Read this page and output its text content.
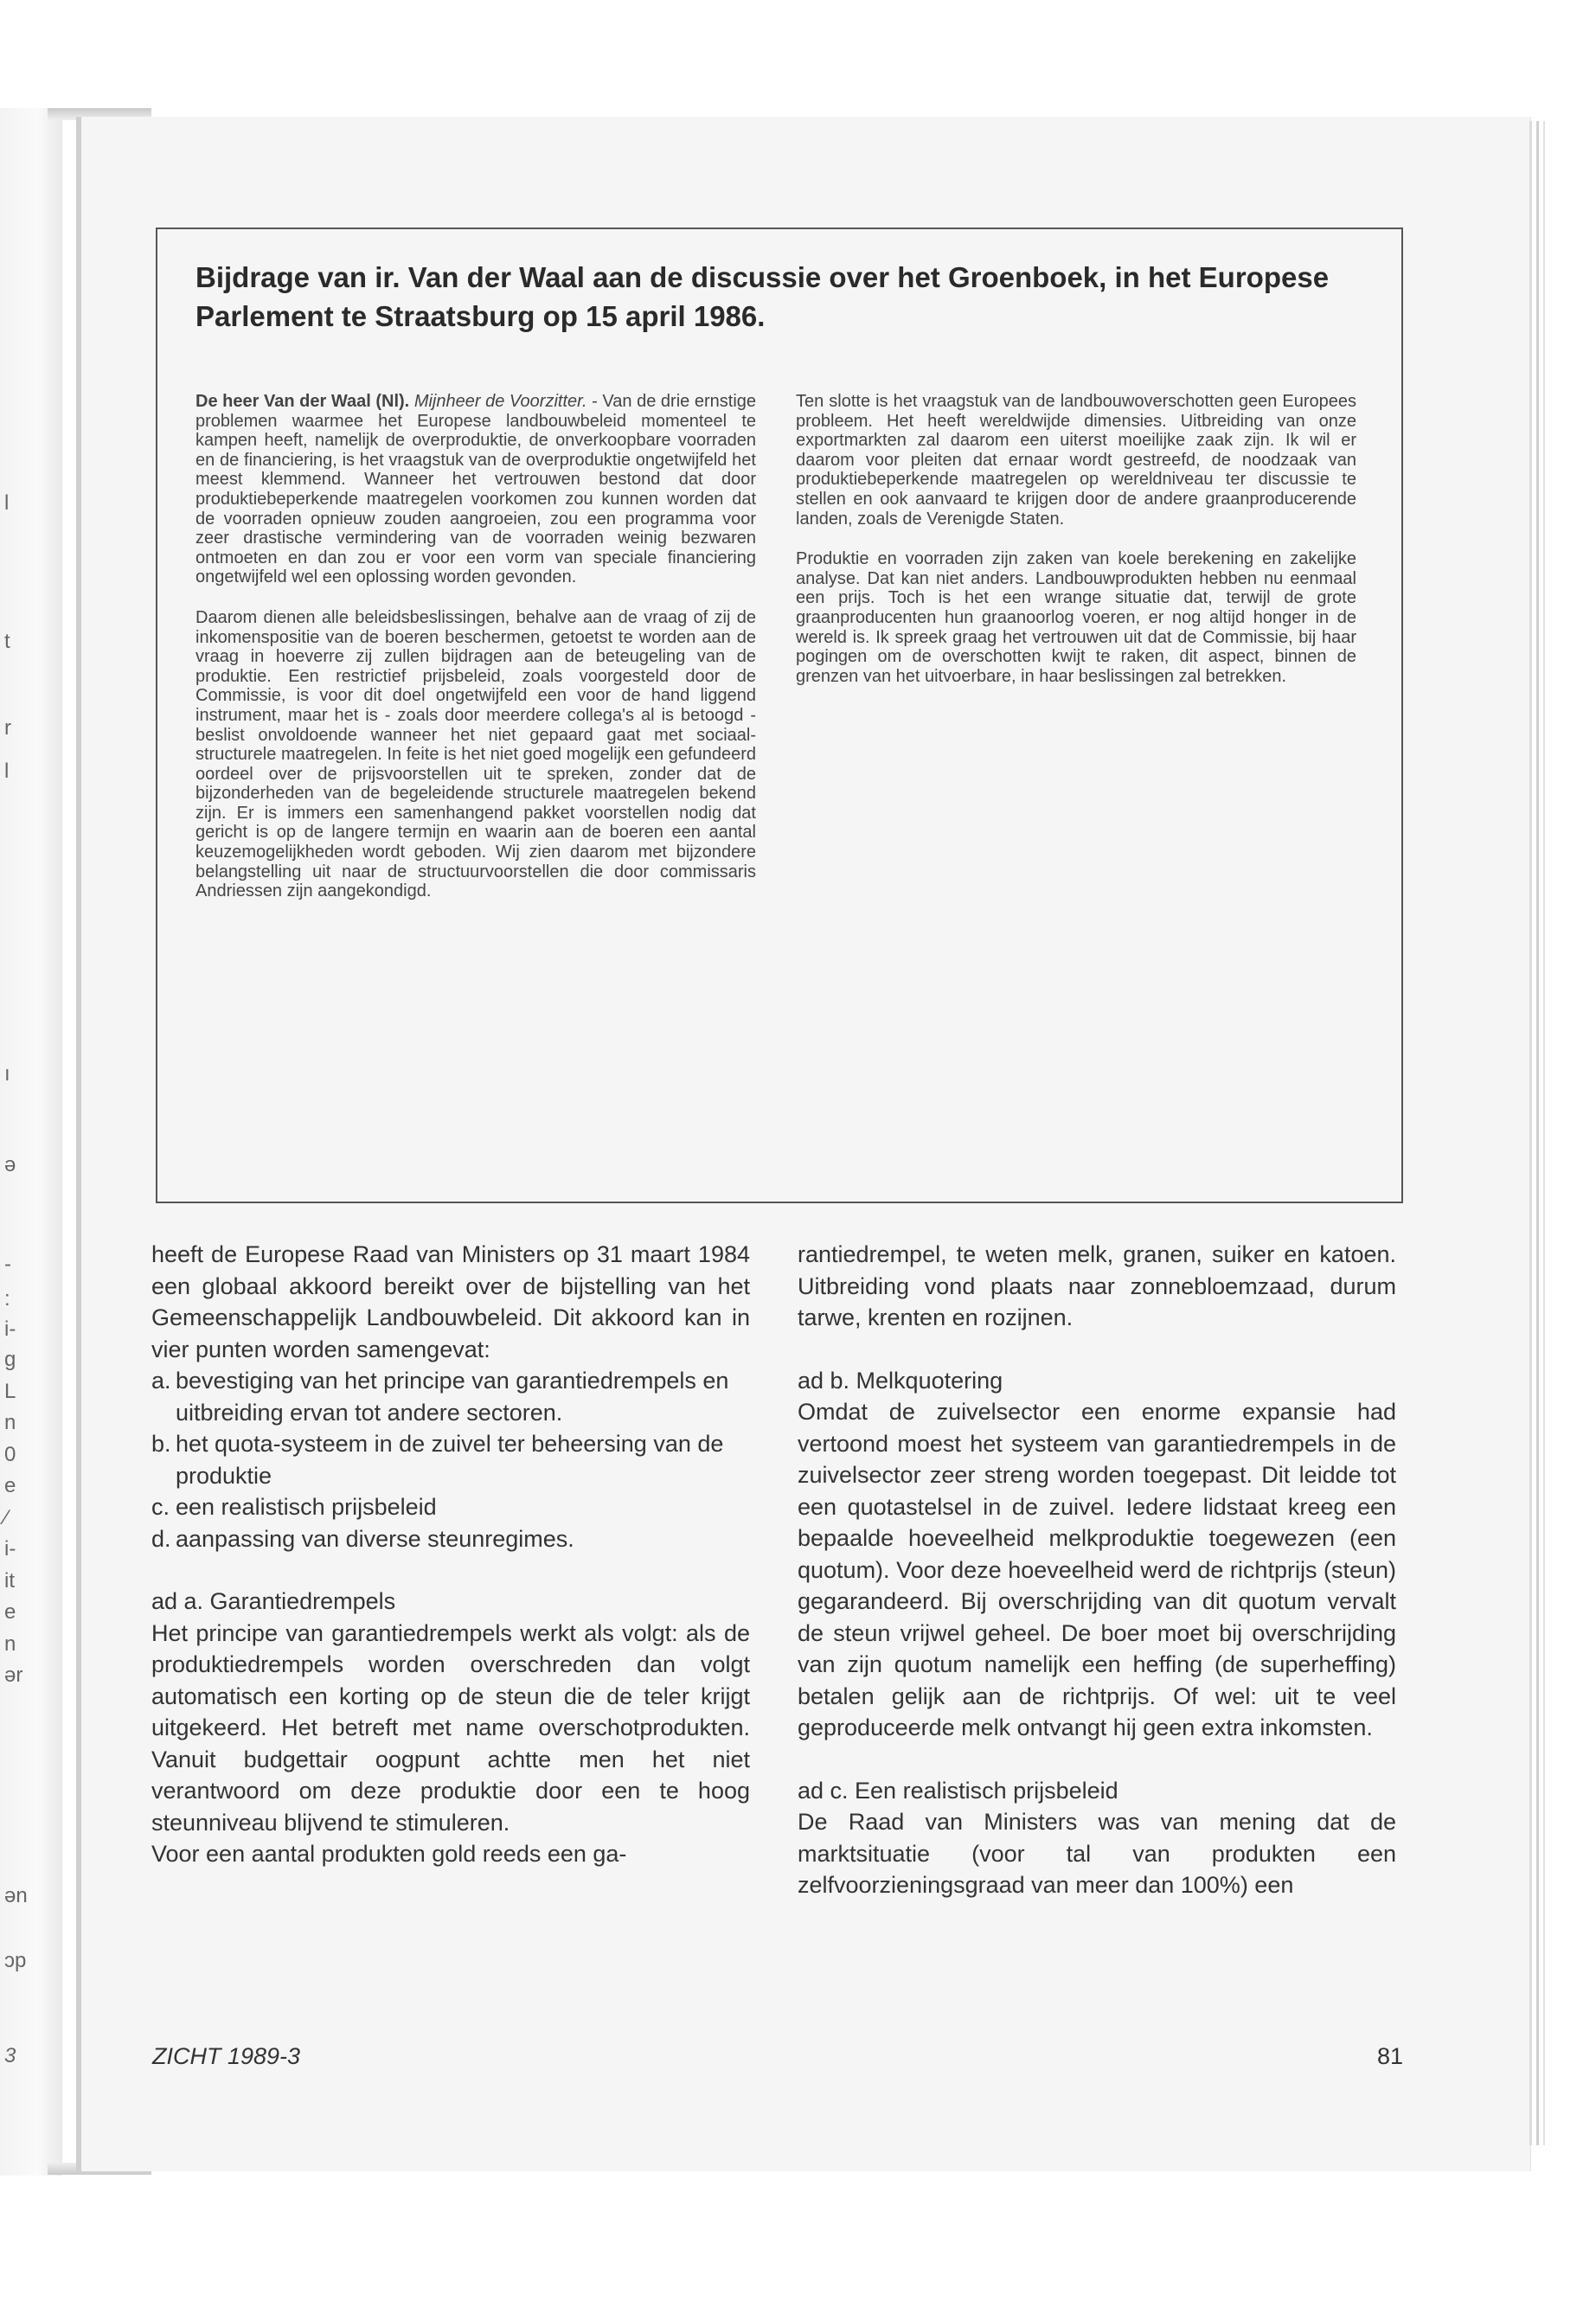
l
t
r
l
ı
ə
-
:
i-
g
L
n
0
e
⁄
i-
it
e
n
ər
ən
ɔp
3
Bijdrage van ir. Van der Waal aan de discussie over het Groenboek, in het Europese Parlement te Straatsburg op 15 april 1986.

De heer Van der Waal (Nl). Mijnheer de Voorzitter. - Van de drie ernstige problemen waarmee het Europese landbouwbeleid momenteel te kampen heeft, namelijk de overproduktie, de onverkoopbare voorraden en de financiering, is het vraagstuk van de overproduktie ongetwijfeld het meest klemmend. Wanneer het vertrouwen bestond dat door produktiebeperkende maatregelen voorkomen zou kunnen worden dat de voorraden opnieuw zouden aangroeien, zou een programma voor zeer drastische vermindering van de voorraden weinig bezwaren ontmoeten en dan zou er voor een vorm van speciale financiering ongetwijfeld wel een oplossing worden gevonden.

Daarom dienen alle beleidsbeslissingen, behalve aan de vraag of zij de inkomenspositie van de boeren beschermen, getoetst te worden aan de vraag in hoeverre zij zullen bijdragen aan de beteugeling van de produktie. Een restrictief prijsbeleid, zoals voorgesteld door de Commissie, is voor dit doel ongetwijfeld een voor de hand liggend instrument, maar het is - zoals door meerdere collega's al is betoogd - beslist onvoldoende wanneer het niet gepaard gaat met sociaal-structurele maatregelen. In feite is het niet goed mogelijk een gefundeerd oordeel over de prijsvoorstellen uit te spreken, zonder dat de bijzonderheden van de begeleidende structurele maatregelen bekend zijn. Er is immers een samenhangend pakket voorstellen nodig dat gericht is op de langere termijn en waarin aan de boeren een aantal keuzemogelijkheden wordt geboden. Wij zien daarom met bijzondere belangstelling uit naar de structuurvoorstellen die door commissaris Andriessen zijn aangekondigd.

Ten slotte is het vraagstuk van de landbouwoverschotten geen Europees probleem. Het heeft wereldwijde dimensies. Uitbreiding van onze exportmarkten zal daarom een uiterst moeilijke zaak zijn. Ik wil er daarom voor pleiten dat ernaar wordt gestreefd, de noodzaak van produktiebeperkende maatregelen op wereldniveau ter discussie te stellen en ook aanvaard te krijgen door de andere graanproducerende landen, zoals de Verenigde Staten.

Produktie en voorraden zijn zaken van koele berekening en zakelijke analyse. Dat kan niet anders. Landbouwprodukten hebben nu eenmaal een prijs. Toch is het een wrange situatie dat, terwijl de grote graanproducenten hun graanoorlog voeren, er nog altijd honger in de wereld is. Ik spreek graag het vertrouwen uit dat de Commissie, bij haar pogingen om de overschotten kwijt te raken, dit aspect, binnen de grenzen van het uitvoerbare, in haar beslissingen zal betrekken.

heeft de Europese Raad van Ministers op 31 maart 1984 een globaal akkoord bereikt over de bijstelling van het Gemeenschappelijk Landbouwbeleid. Dit akkoord kan in vier punten worden samengevat:

a. bevestiging van het principe van garantiedrempels en uitbreiding ervan tot andere sectoren.
b. het quota-systeem in de zuivel ter beheersing van de produktie
c. een realistisch prijsbeleid
d. aanpassing van diverse steunregimes.
ad a. Garantiedrempels

Het principe van garantiedrempels werkt als volgt: als de produktiedrempels worden overschreden dan volgt automatisch een korting op de steun die de teler krijgt uitgekeerd. Het betreft met name overschotprodukten. Vanuit budgettair oogpunt achtte men het niet verantwoord om deze produktie door een te hoog steunniveau blijvend te stimuleren.

Voor een aantal produkten gold reeds een ga-

rantiedrempel, te weten melk, granen, suiker en katoen. Uitbreiding vond plaats naar zonnebloemzaad, durum tarwe, krenten en rozijnen.

ad b. Melkquotering

Omdat de zuivelsector een enorme expansie had vertoond moest het systeem van garantiedrempels in de zuivelsector zeer streng worden toegepast. Dit leidde tot een quotastelsel in de zuivel. Iedere lidstaat kreeg een bepaalde hoeveelheid melkproduktie toegewezen (een quotum). Voor deze hoeveelheid werd de richtprijs (steun) gegarandeerd. Bij overschrijding van dit quotum vervalt de steun vrijwel geheel. De boer moet bij overschrijding van zijn quotum namelijk een heffing (de superheffing) betalen gelijk aan de richtprijs. Of wel: uit te veel geproduceerde melk ontvangt hij geen extra inkomsten.

ad c. Een realistisch prijsbeleid

De Raad van Ministers was van mening dat de marktsituatie (voor tal van produkten een zelfvoorzieningsgraad van meer dan 100%) een

ZICHT 1989-3	81
